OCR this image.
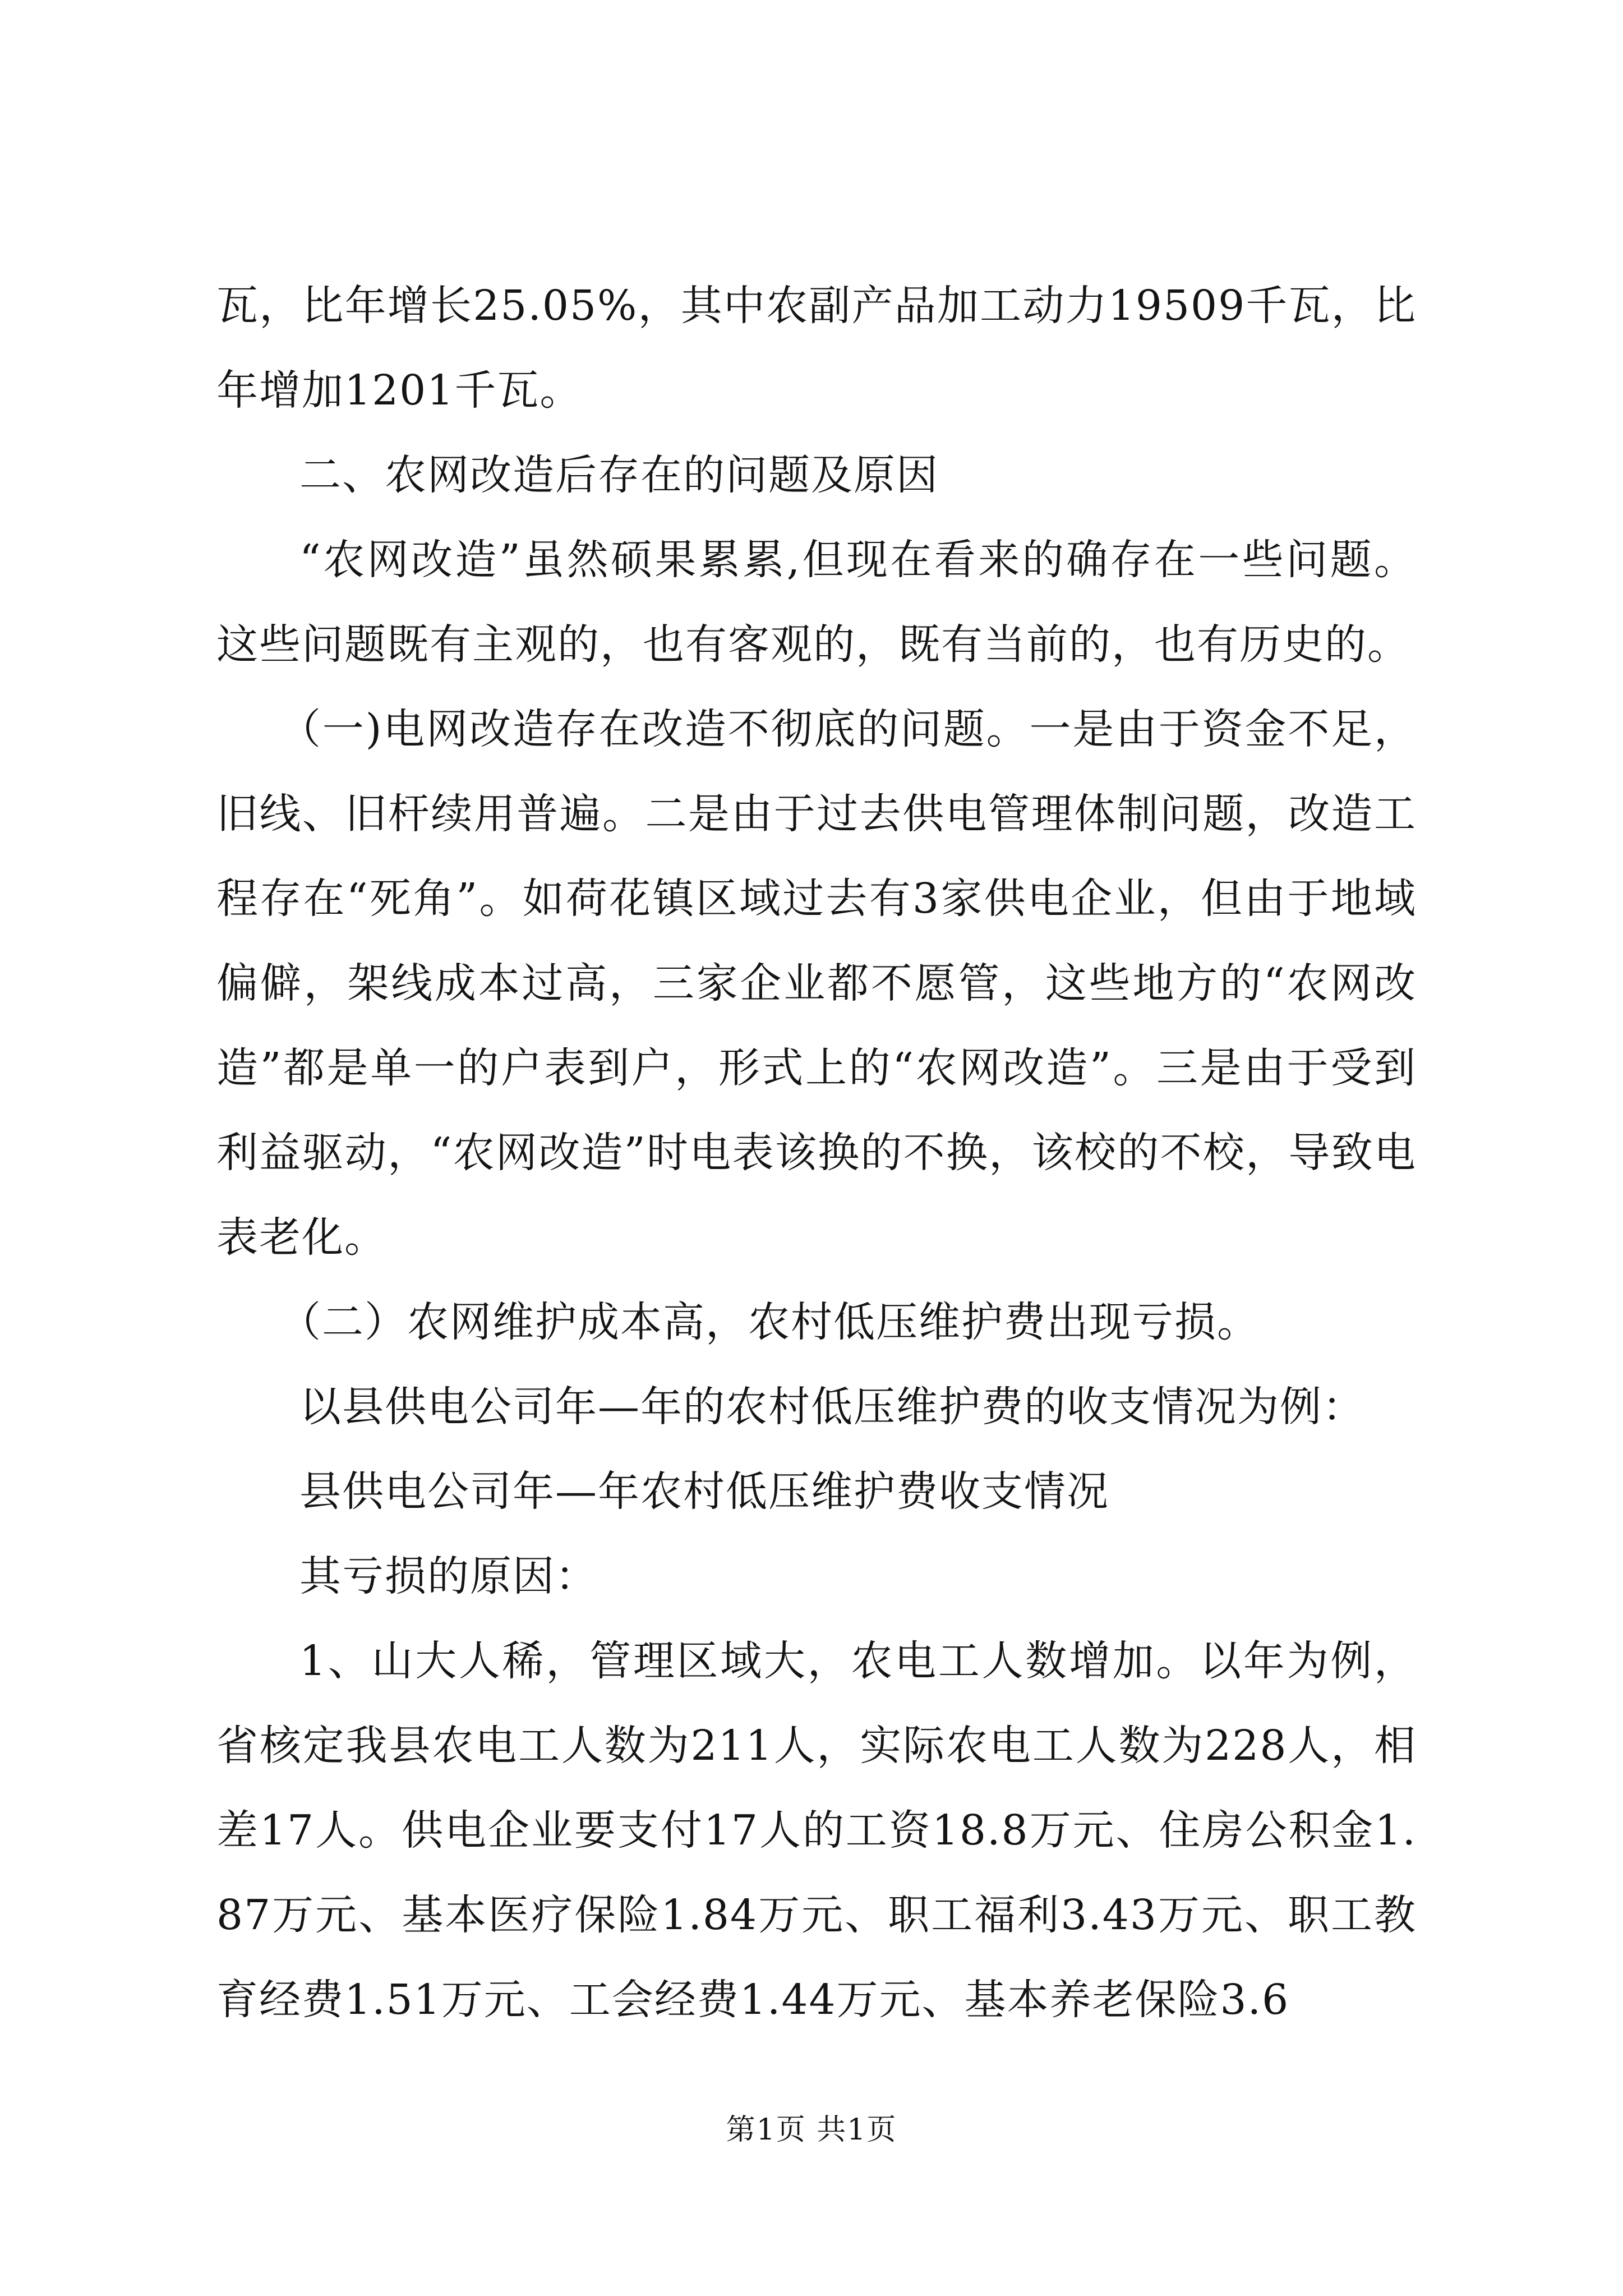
瓦，比年增长25.05%，其中农副产品加工动力19509千瓦，比年增加1201千瓦。

二、农网改造后存在的问题及原因

“农网改造”虽然硕果累累,但现在看来的确存在一些问题。这些问题既有主观的，也有客观的，既有当前的，也有历史的。

（一)电网改造存在改造不彻底的问题。一是由于资金不足，旧线、旧杆续用普遍。二是由于过去供电管理体制问题，改造工程存在“死角”。如荷花镇区域过去有3家供电企业，但由于地域偏僻，架线成本过高，三家企业都不愿管，这些地方的“农网改造”都是单一的户表到户，形式上的“农网改造”。三是由于受到利益驱动，“农网改造”时电表该换的不换，该校的不校，导致电表老化。

（二）农网维护成本高，农村低压维护费出现亏损。

以县供电公司年—年的农村低压维护费的收支情况为例：

县供电公司年—年农村低压维护费收支情况

其亏损的原因：

1、山大人稀，管理区域大，农电工人数增加。以年为例，省核定我县农电工人数为211人，实际农电工人数为228人，相差17人。供电企业要支付17人的工资18.8万元、住房公积金1.87万元、基本医疗保险1.84万元、职工福利3.43万元、职工教育经费1.51万元、工会经费1.44万元、基本养老保险3.6

第1页 共1页
